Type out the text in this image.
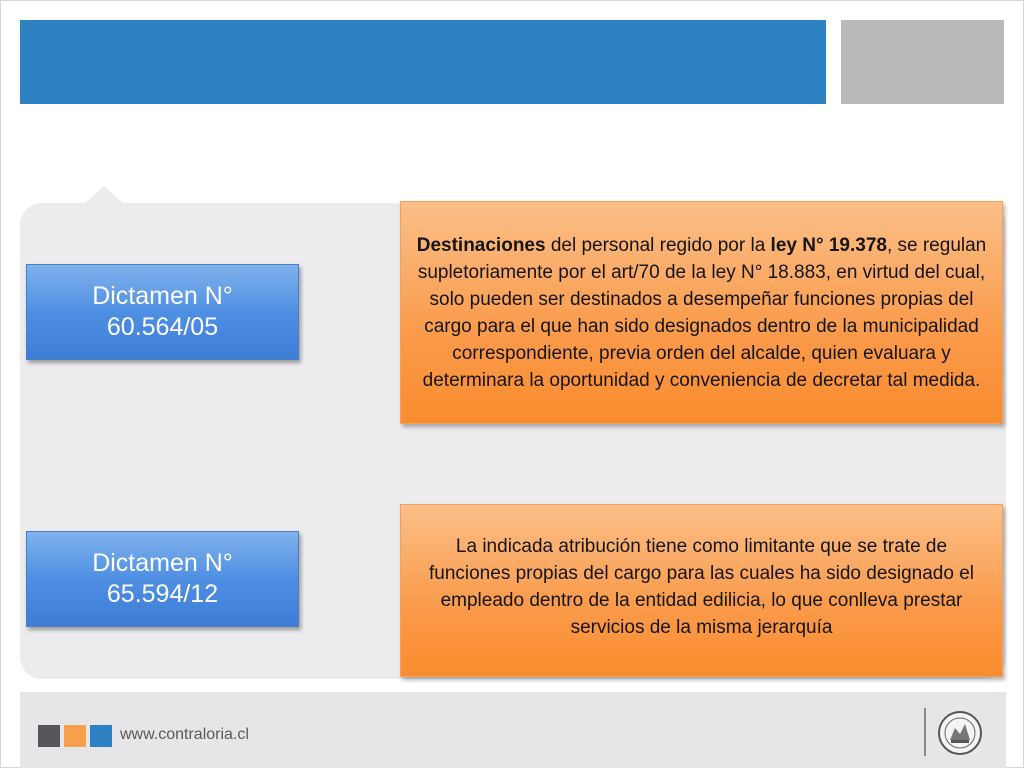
Dictamen N°
60.564/05

Destinaciones del personal regido por la ley N° 19.378, se regulan supletoriamente por el art/70 de la ley N° 18.883, en virtud del cual, solo pueden ser destinados a desempeñar funciones propias del cargo para el que han sido designados dentro de la municipalidad correspondiente, previa orden del alcalde, quien evaluara y determinara la oportunidad y conveniencia de decretar tal medida.

Dictamen N°
65.594/12

La indicada atribución tiene como limitante que se trate de funciones propias del cargo para las cuales ha sido designado el empleado dentro de la entidad edilicia, lo que conlleva prestar servicios de la misma jerarquía

www.contraloria.cl
